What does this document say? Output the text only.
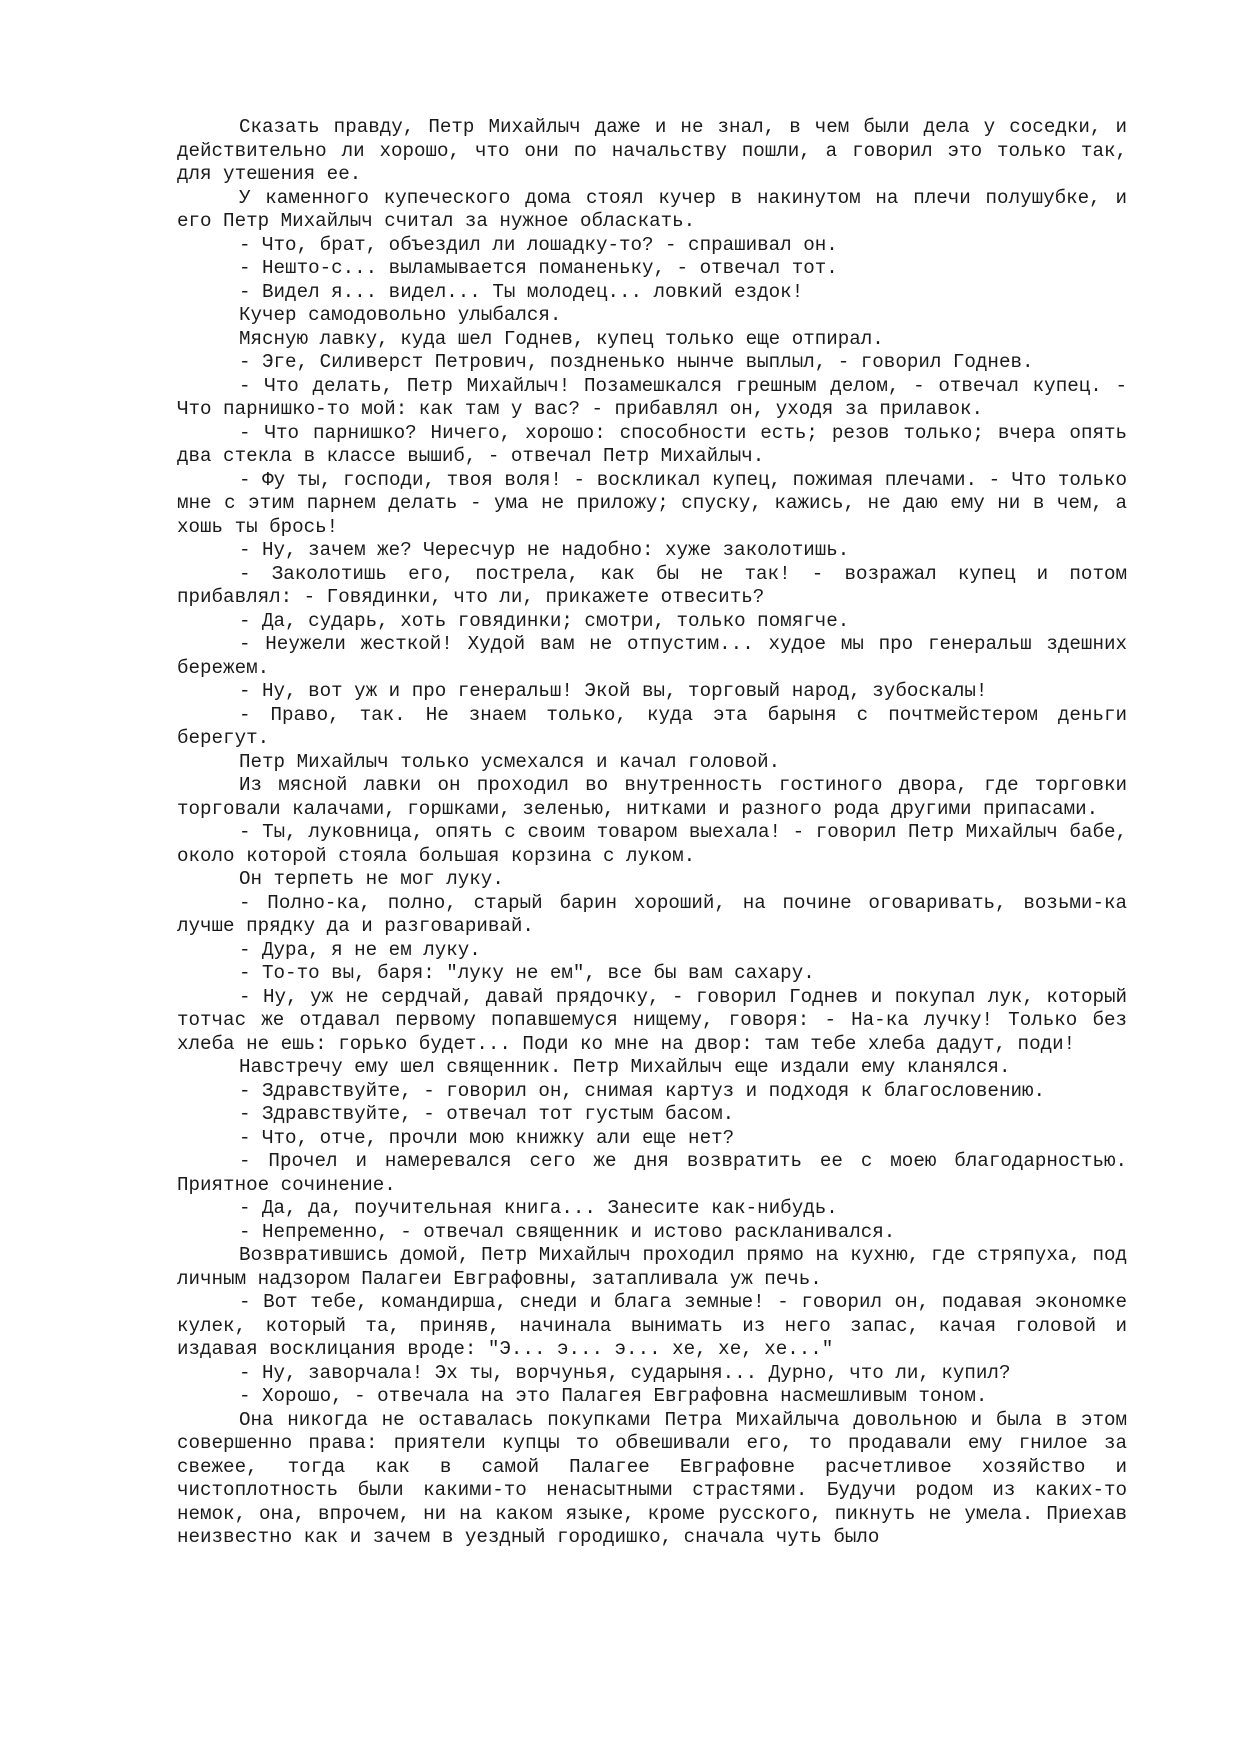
Сказать правду, Петр Михайлыч даже и не знал, в чем были дела у соседки, и действительно ли хорошо, что они по начальству пошли, а говорил это только так, для утешения ее.

У каменного купеческого дома стоял кучер в накинутом на плечи полушубке, и его Петр Михайлыч считал за нужное обласкать.

- Что, брат, объездил ли лошадку-то? - спрашивал он.

- Нешто-с... выламывается поманеньку, - отвечал тот.

- Видел я... видел... Ты молодец... ловкий ездок!

Кучер самодовольно улыбался.

Мясную лавку, куда шел Годнев, купец только еще отпирал.

- Эге, Силиверст Петрович, поздненько нынче выплыл, - говорил Годнев.

- Что делать, Петр Михайлыч! Позамешкался грешным делом, - отвечал купец. - Что парнишко-то мой: как там у вас? - прибавлял он, уходя за прилавок.

- Что парнишко? Ничего, хорошо: способности есть; резов только; вчера опять два стекла в классе вышиб, - отвечал Петр Михайлыч.

- Фу ты, господи, твоя воля! - воскликал купец, пожимая плечами. - Что только мне с этим парнем делать - ума не приложу; спуску, кажись, не даю ему ни в чем, а хошь ты брось!

- Ну, зачем же? Чересчур не надобно: хуже заколотишь.

- Заколотишь его, пострела, как бы не так! - возражал купец и потом прибавлял: - Говядинки, что ли, прикажете отвесить?

- Да, сударь, хоть говядинки; смотри, только помягче.

- Неужели жесткой! Худой вам не отпустим... худое мы про генеральш здешних бережем.

- Ну, вот уж и про генеральш! Экой вы, торговый народ, зубоскалы!

- Право, так. Не знаем только, куда эта барыня с почтмейстером деньги берегут.

Петр Михайлыч только усмехался и качал головой.

Из мясной лавки он проходил во внутренность гостиного двора, где торговки торговали калачами, горшками, зеленью, нитками и разного рода другими припасами.

- Ты, луковница, опять с своим товаром выехала! - говорил Петр Михайлыч бабе, около которой стояла большая корзина с луком.

Он терпеть не мог луку.

- Полно-ка, полно, старый барин хороший, на почине оговаривать, возьми-ка лучше прядку да и разговаривай.

- Дура, я не ем луку.

- То-то вы, баря: "луку не ем", все бы вам сахару.

- Ну, уж не сердчай, давай прядочку, - говорил Годнев и покупал лук, который тотчас же отдавал первому попавшемуся нищему, говоря: - На-ка лучку! Только без хлеба не ешь: горько будет... Поди ко мне на двор: там тебе хлеба дадут, поди!

Навстречу ему шел священник. Петр Михайлыч еще издали ему кланялся.

- Здравствуйте, - говорил он, снимая картуз и подходя к благословению.

- Здравствуйте, - отвечал тот густым басом.

- Что, отче, прочли мою книжку али еще нет?

- Прочел и намеревался сего же дня возвратить ее с моею благодарностью. Приятное сочинение.

- Да, да, поучительная книга... Занесите как-нибудь.

- Непременно, - отвечал священник и истово раскланивался.

Возвратившись домой, Петр Михайлыч проходил прямо на кухню, где стряпуха, под личным надзором Палагеи Евграфовны, затапливала уж печь.

- Вот тебе, командирша, снеди и блага земные! - говорил он, подавая экономке кулек, который та, приняв, начинала вынимать из него запас, качая головой и издавая восклицания вроде: "Э... э... э... хе, хе, хе..."

- Ну, заворчала! Эх ты, ворчунья, сударыня... Дурно, что ли, купил?

- Хорошо, - отвечала на это Палагея Евграфовна насмешливым тоном.

Она никогда не оставалась покупками Петра Михайлыча довольною и была в этом совершенно права: приятели купцы то обвешивали его, то продавали ему гнилое за свежее, тогда как в самой Палагее Евграфовне расчетливое хозяйство и чистоплотность были какими-то ненасытными страстями. Будучи родом из каких-то немок, она, впрочем, ни на каком языке, кроме русского, пикнуть не умела. Приехав неизвестно как и зачем в уездный городишко, сначала чуть было
